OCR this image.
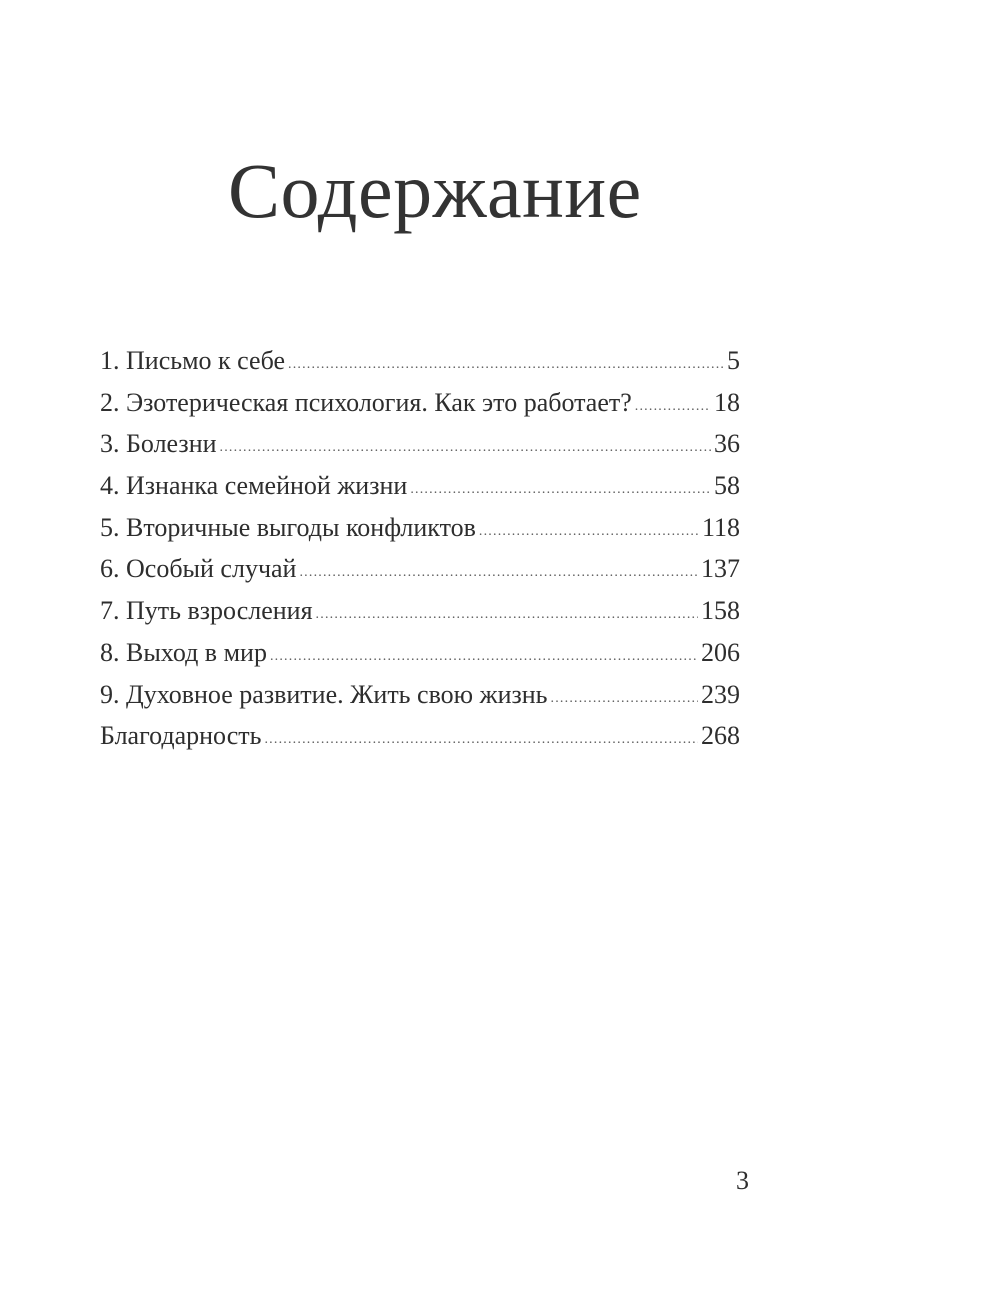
Содержание
1. Письмо к себе .....	5
2. Эзотерическая психология. Как это работает? .....	18
3. Болезни .....	36
4. Изнанка семейной жизни .....	58
5. Вторичные выгоды конфликтов .....	118
6. Особый случай .....	137
7. Путь взросления .....	158
8. Выход в мир .....	206
9. Духовное развитие. Жить свою жизнь .....	239
Благодарность .....	268

3
